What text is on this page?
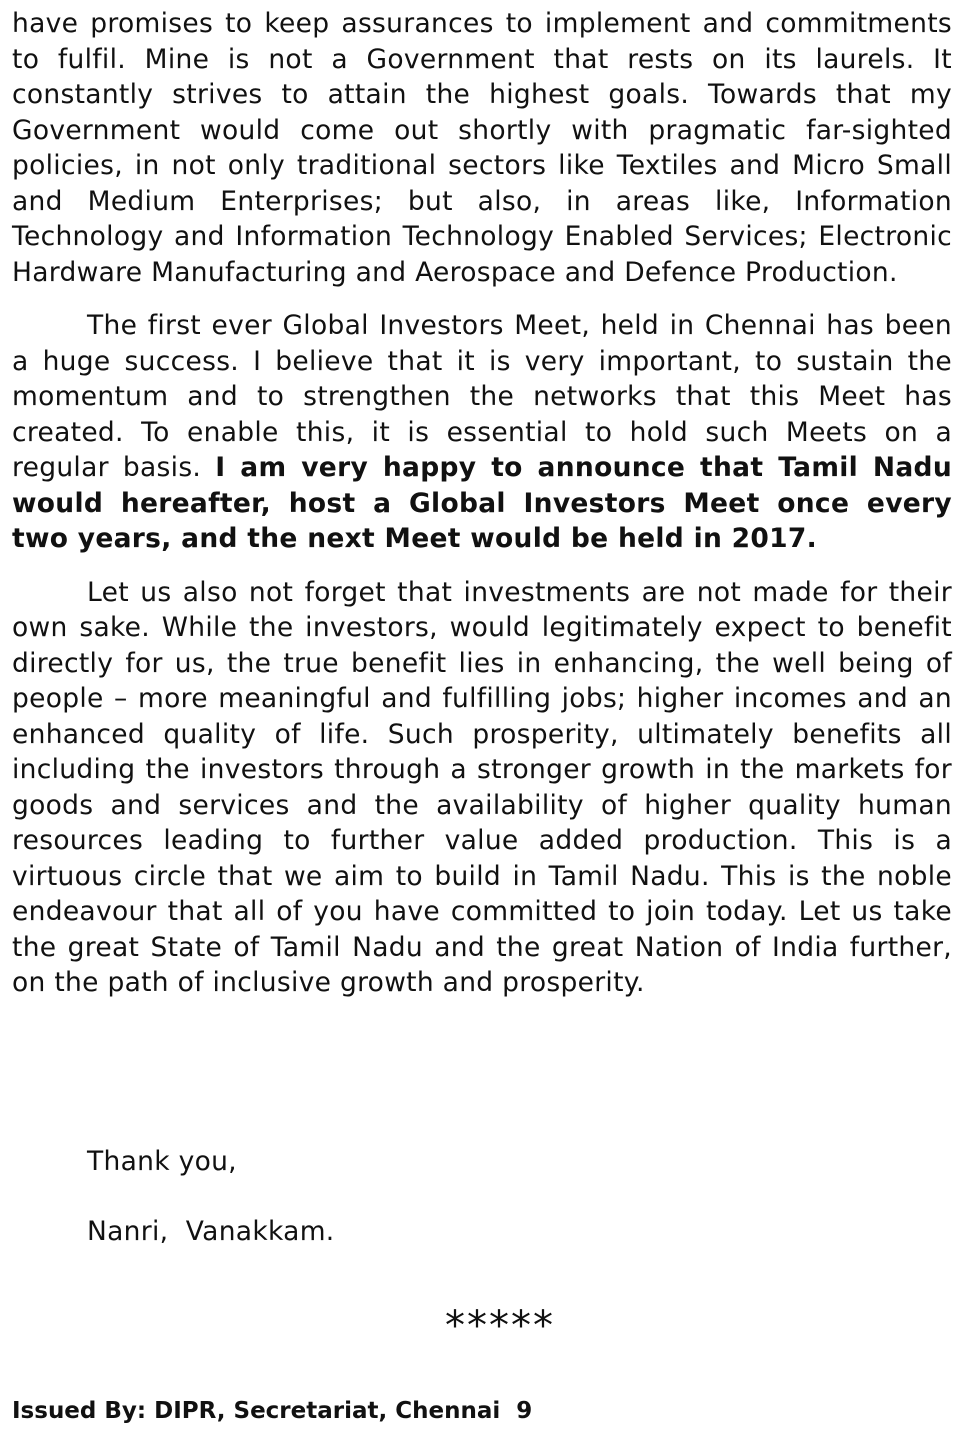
have promises to keep assurances to implement and commitments to fulfil. Mine is not a Government that rests on its laurels. It constantly strives to attain the highest goals. Towards that my Government would come out shortly with pragmatic far-sighted policies, in not only traditional sectors like Textiles and Micro Small and Medium Enterprises; but also, in areas like, Information Technology and Information Technology Enabled Services; Electronic Hardware Manufacturing and Aerospace and Defence Production.

The first ever Global Investors Meet, held in Chennai has been a huge success. I believe that it is very important, to sustain the momentum and to strengthen the networks that this Meet has created. To enable this, it is essential to hold such Meets on a regular basis. I am very happy to announce that Tamil Nadu would hereafter, host a Global Investors Meet once every two years, and the next Meet would be held in 2017.

Let us also not forget that investments are not made for their own sake. While the investors, would legitimately expect to benefit directly for us, the true benefit lies in enhancing, the well being of people – more meaningful and fulfilling jobs; higher incomes and an enhanced quality of life. Such prosperity, ultimately benefits all including the investors through a stronger growth in the markets for goods and services and the availability of higher quality human resources leading to further value added production. This is a virtuous circle that we aim to build in Tamil Nadu. This is the noble endeavour that all of you have committed to join today. Let us take the great State of Tamil Nadu and the great Nation of India further, on the path of inclusive growth and prosperity.

Thank you,

Nanri,  Vanakkam.

*****

Issued By: DIPR, Secretariat, Chennai  9
